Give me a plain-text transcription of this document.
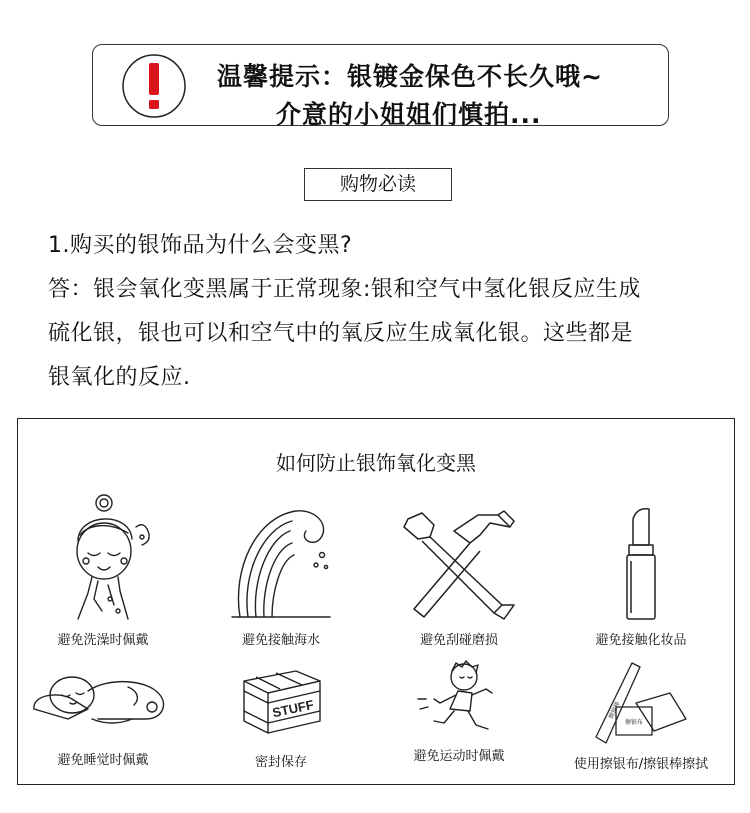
温馨提示：银镀金保色不长久哦~
介意的小姐姐们慎拍...
购物必读
1.购买的银饰品为什么会变黑?
答：银会氧化变黑属于正常现象:银和空气中氢化银反应生成
硫化银，银也可以和空气中的氧反应生成氧化银。这些都是
银氧化的反应.
如何防止银饰氧化变黑
避免洗澡时佩戴	避免接触海水	避免刮碰磨损	避免接触化妆品
避免睡觉时佩戴
STUFF
密封保存	避免运动时佩戴
擦银棒
擦银布
使用擦银布/擦银棒擦拭
